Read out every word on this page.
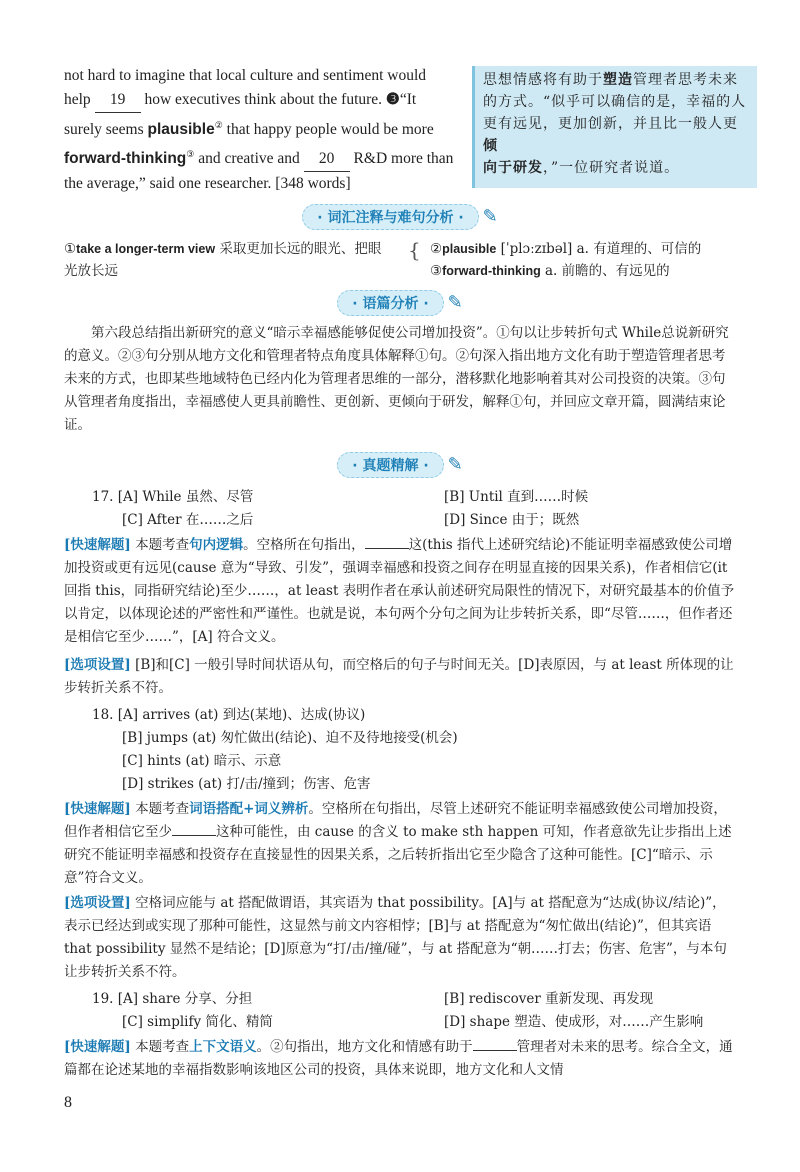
not hard to imagine that local culture and sentiment would
help 19 how executives think about the future. ❸“It
surely seems plausible② that happy people would be more
forward-thinking③ and creative and 20 R&D more than
the average,” said one researcher. [348 words]

思想情感将有助于塑造管理者思考未来

的方式。“似乎可以确信的是，幸福的人

更有远见，更加创新，并且比一般人更倾

向于研发，”一位研究者说道。

· 词汇注释与难句分析 · ✎
①take a longer-term view 采取更加长远的眼光、把眼
光放长远
{ ②plausible [ˈplɔːzɪbəl] a. 有道理的、可信的
③forward-thinking a. 前瞻的、有远见的
· 语篇分析 · ✎
第六段总结指出新研究的意义“暗示幸福感能够促使公司增加投资”。①句以让步转折句式 While总说新研究的意义。②③句分别从地方文化和管理者特点角度具体解释①句。②句深入指出地方文化有助于塑造管理者思考未来的方式，也即某些地域特色已经内化为管理者思维的一部分，潜移默化地影响着其对公司投资的决策。③句从管理者角度指出，幸福感使人更具前瞻性、更创新、更倾向于研发，解释①句，并回应文章开篇，圆满结束论证。
· 真题精解 · ✎
17. [A] While 虽然、尽管	[B] Until 直到……时候
[C] After 在……之后	[D] Since 由于；既然
[快速解题] 本题考查句内逻辑。空格所在句指出，	这(this 指代上述研究结论)不能证明幸福感致使公司增加投资或更有远见(cause 意为“导致、引发”，强调幸福感和投资之间存在明显直接的因果关系)，作者相信它(it 回指 this，同指研究结论)至少……，at least 表明作者在承认前述研究局限性的情况下，对研究最基本的价值予以肯定，以体现论述的严密性和严谨性。也就是说，本句两个分句之间为让步转折关系，即“尽管……，但作者还是相信它至少……”，[A] 符合文义。
[选项设置] [B]和[C] 一般引导时间状语从句，而空格后的句子与时间无关。[D]表原因，与 at least 所体现的让步转折关系不符。
18. [A] arrives (at) 到达(某地)、达成(协议)
[B] jumps (at) 匆忙做出(结论)、迫不及待地接受(机会)
[C] hints (at) 暗示、示意
[D] strikes (at) 打/击/撞到；伤害、危害
[快速解题] 本题考查词语搭配+词义辨析。空格所在句指出，尽管上述研究不能证明幸福感致使公司增加投资，但作者相信它至少	这种可能性，由 cause 的含义 to make sth happen 可知，作者意欲先让步指出上述研究不能证明幸福感和投资存在直接显性的因果关系，之后转折指出它至少隐含了这种可能性。[C]“暗示、示意”符合文义。
[选项设置] 空格词应能与 at 搭配做谓语，其宾语为 that possibility。[A]与 at 搭配意为“达成(协议/结论)”，表示已经达到或实现了那种可能性，这显然与前文内容相悖；[B]与 at 搭配意为“匆忙做出(结论)”，但其宾语 that possibility 显然不是结论；[D]原意为“打/击/撞/碰”，与 at 搭配意为“朝……打去；伤害、危害”，与本句让步转折关系不符。
19. [A] share 分享、分担	[B] rediscover 重新发现、再发现
[C] simplify 简化、精简	[D] shape 塑造、使成形，对……产生影响
[快速解题] 本题考查上下文语义。②句指出，地方文化和情感有助于	管理者对未来的思考。综合全文，通篇都在论述某地的幸福指数影响该地区公司的投资，具体来说即，地方文化和人文情
8
